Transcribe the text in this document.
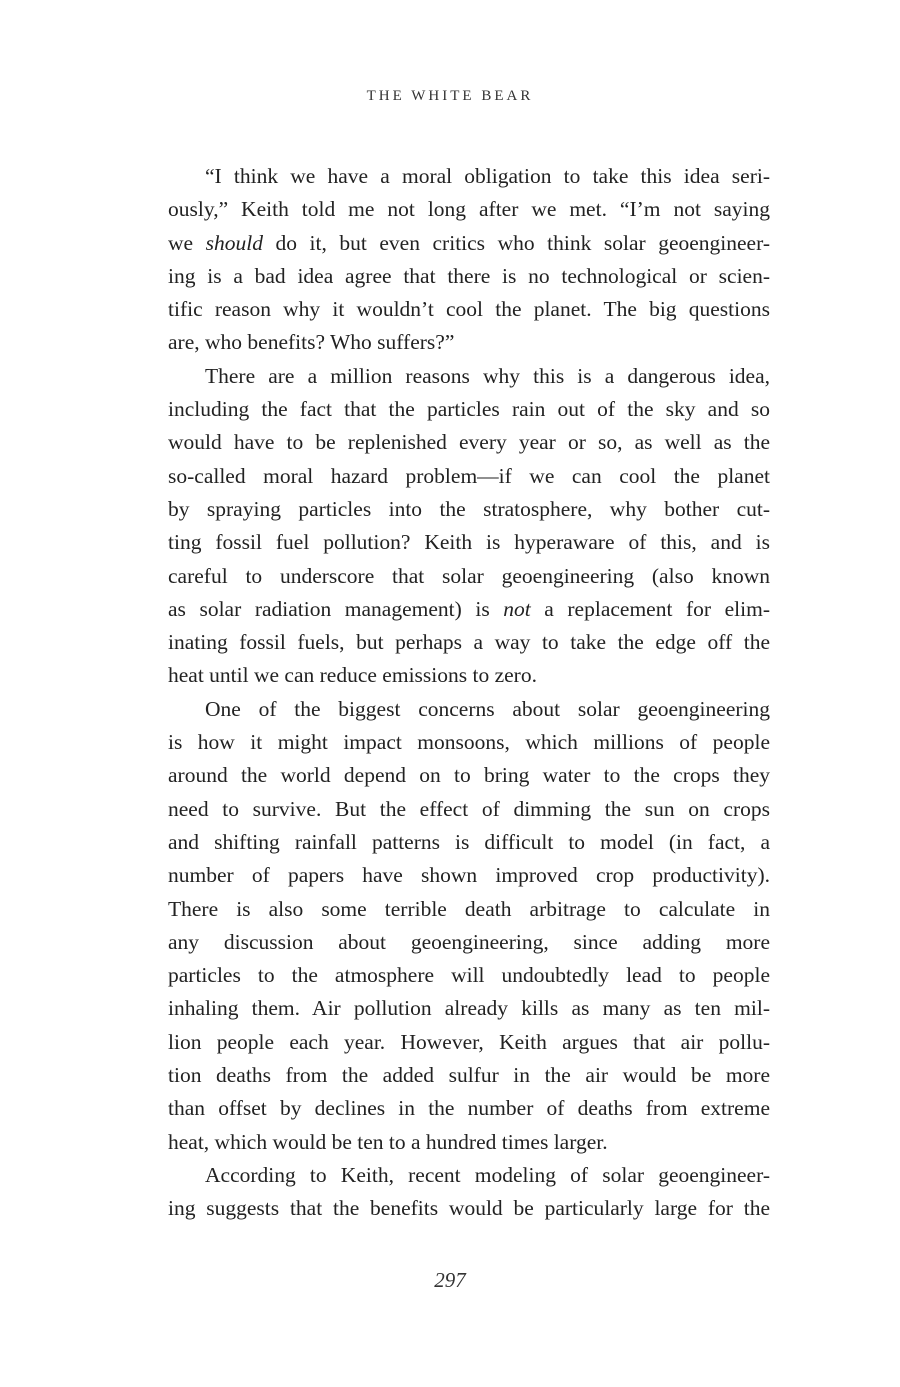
THE WHITE BEAR
“I think we have a moral obligation to take this idea seri-
ously,” Keith told me not long after we met. “I’m not saying
we should do it, but even critics who think solar geoengineer-
ing is a bad idea agree that there is no technological or scien-
tific reason why it wouldn’t cool the planet. The big questions
are, who benefits? Who suffers?”
There are a million reasons why this is a dangerous idea,
including the fact that the particles rain out of the sky and so
would have to be replenished every year or so, as well as the
so-called moral hazard problem—if we can cool the planet
by spraying particles into the stratosphere, why bother cut-
ting fossil fuel pollution? Keith is hyperaware of this, and is
careful to underscore that solar geoengineering (also known
as solar radiation management) is not a replacement for elim-
inating fossil fuels, but perhaps a way to take the edge off the
heat until we can reduce emissions to zero.
One of the biggest concerns about solar geoengineering
is how it might impact monsoons, which millions of people
around the world depend on to bring water to the crops they
need to survive. But the effect of dimming the sun on crops
and shifting rainfall patterns is difficult to model (in fact, a
number of papers have shown improved crop productivity).
There is also some terrible death arbitrage to calculate in
any discussion about geoengineering, since adding more
particles to the atmosphere will undoubtedly lead to people
inhaling them. Air pollution already kills as many as ten mil-
lion people each year. However, Keith argues that air pollu-
tion deaths from the added sulfur in the air would be more
than offset by declines in the number of deaths from extreme
heat, which would be ten to a hundred times larger.
According to Keith, recent modeling of solar geoengineer-
ing suggests that the benefits would be particularly large for the
297
